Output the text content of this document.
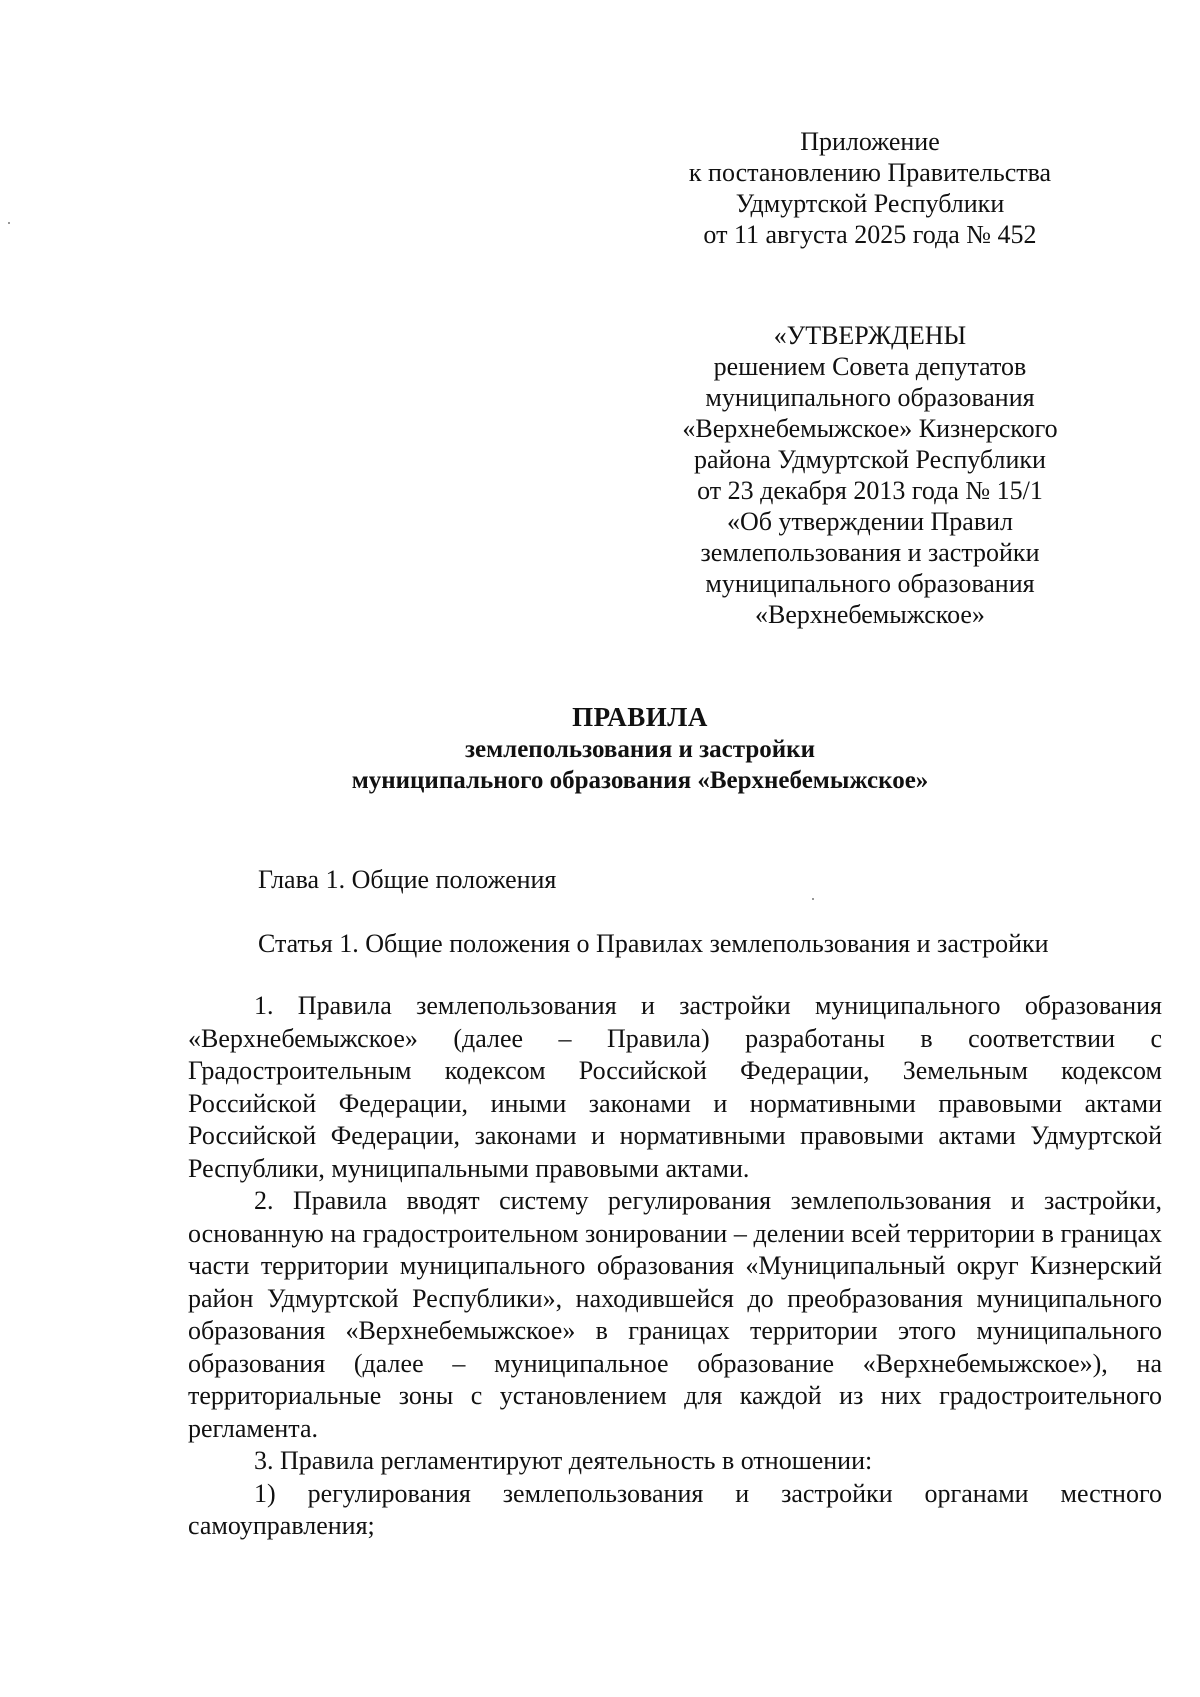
Приложение
к постановлению Правительства
Удмуртской Республики
от 11 августа 2025 года № 452
«УТВЕРЖДЕНЫ
решением Совета депутатов
муниципального образования
«Верхнебемыжское» Кизнерского
района Удмуртской Республики
от 23 декабря 2013 года № 15/1
«Об утверждении Правил
землепользования и застройки
муниципального образования
«Верхнебемыжское»
ПРАВИЛА
землепользования и застройки
муниципального образования «Верхнебемыжское»
Глава 1. Общие положения
Статья 1. Общие положения о Правилах землепользования и застройки

1. Правила землепользования и застройки муниципального образования «Верхнебемыжское» (далее – Правила) разработаны в соответствии с Градостроительным кодексом Российской Федерации, Земельным кодексом Российской Федерации, иными законами и нормативными правовыми актами Российской Федерации, законами и нормативными правовыми актами Удмуртской Республики, муниципальными правовыми актами.

2. Правила вводят систему регулирования землепользования и застройки, основанную на градостроительном зонировании – делении всей территории в границах части территории муниципального образования «Муниципальный округ Кизнерский район Удмуртской Республики», находившейся до преобразования муниципального образования «Верхнебемыжское» в границах территории этого муниципального образования (далее – муниципальное образование «Верхнебемыжское»), на территориальные зоны с установлением для каждой из них градостроительного регламента.

3. Правила регламентируют деятельность в отношении:

1) регулирования землепользования и застройки органами местного самоуправления;
